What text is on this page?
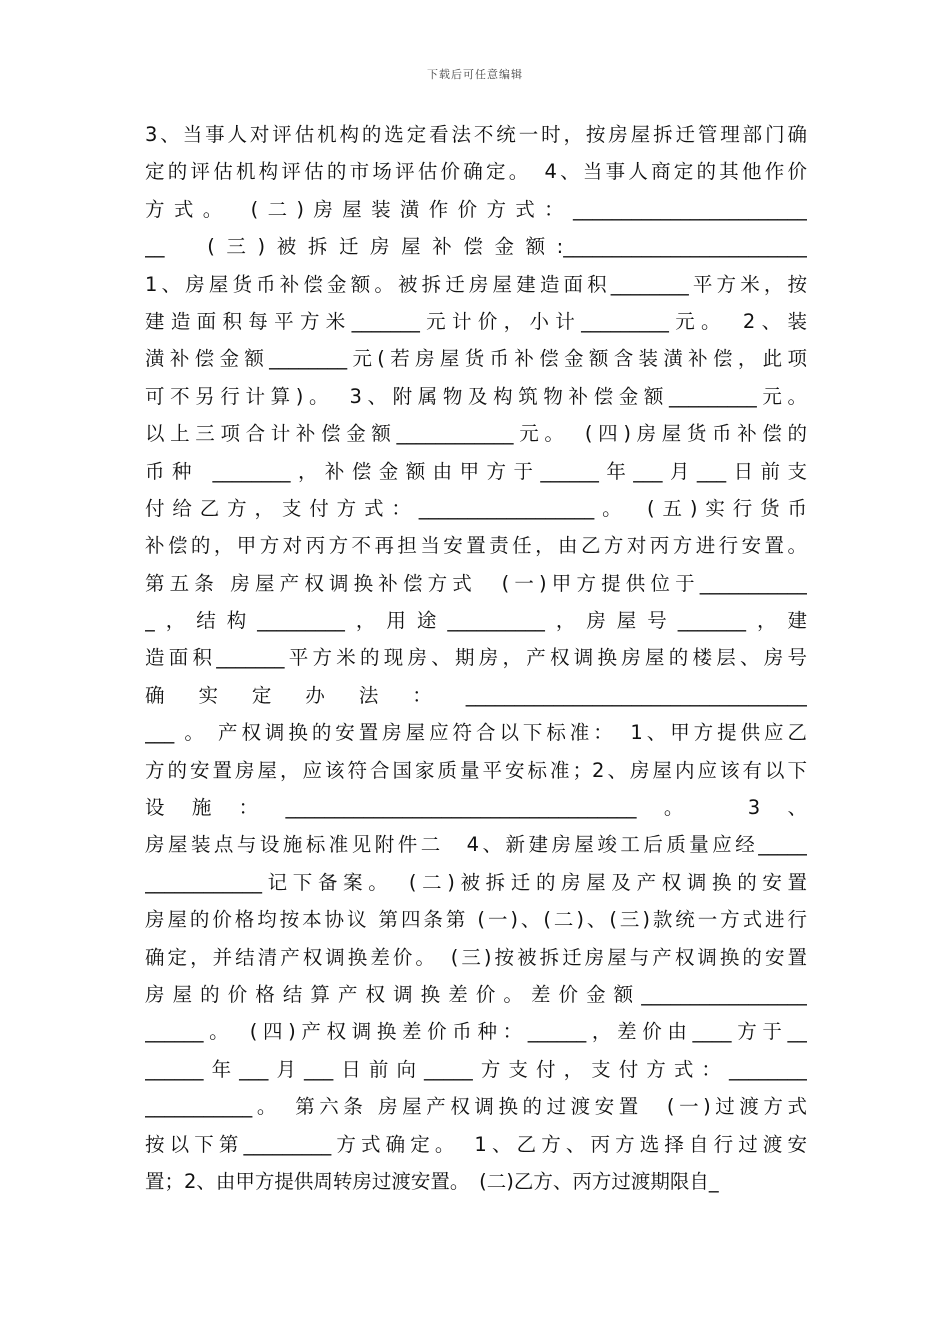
下载后可任意编辑
3、当事人对评估机构的选定看法不统一时，按房屋拆迁管理部门确
定的评估机构评估的市场评估价确定。　4、当事人商定的其他作价
方式。　(二)房屋装潢作价方式：________________________
__　(三)被拆迁房屋补偿金额:_________________________
1、房屋货币补偿金额。被拆迁房屋建造面积________平方米，按
建造面积每平方米_______元计价，小计_________元。　2、装
潢补偿金额________元(若房屋货币补偿金额含装潢补偿，此项
可不另行计算)。　3、附属物及构筑物补偿金额_________元。
以上三项合计补偿金额____________元。　(四)房屋货币补偿的
币种 ________，补偿金额由甲方于______年___月___日前支
付给乙方，支付方式：__________________。　(五)实行货币
补偿的，甲方对丙方不再担当安置责任，由乙方对丙方进行安置。
第五条 房屋产权调换补偿方式　(一)甲方提供位于___________
_，结构_________，用途__________，房屋号_______，建
造面积_______平方米的现房、期房，产权调换房屋的楼层、房号
确实定办法：___________________________________
___ 。 产权调换的安置房屋应符合以下标准：　1、甲方提供应乙
方的安置房屋，应该符合国家质量平安标准；2、房屋内应该有以下
设施：____________________________________。　3、
房屋装点与设施标准见附件二　4、新建房屋竣工后质量应经_____
____________记下备案。　(二)被拆迁的房屋及产权调换的安置
房屋的价格均按本协议 第四条第 (一)、(二)、(三)款统一方式进行
确定，并结清产权调换差价。　(三)按被拆迁房屋与产权调换的安置
房屋的价格结算产权调换差价。差价金额_________________
______。　(四)产权调换差价币种：______，差价由____方于__
______年___月___日前向_____方支付，支付方式：________
___________。　第六条 房屋产权调换的过渡安置　(一)过渡方式
按以下第_________方式确定。　1、乙方、丙方选择自行过渡安
置；2、由甲方提供周转房过渡安置。　(二)乙方、丙方过渡期限自_
